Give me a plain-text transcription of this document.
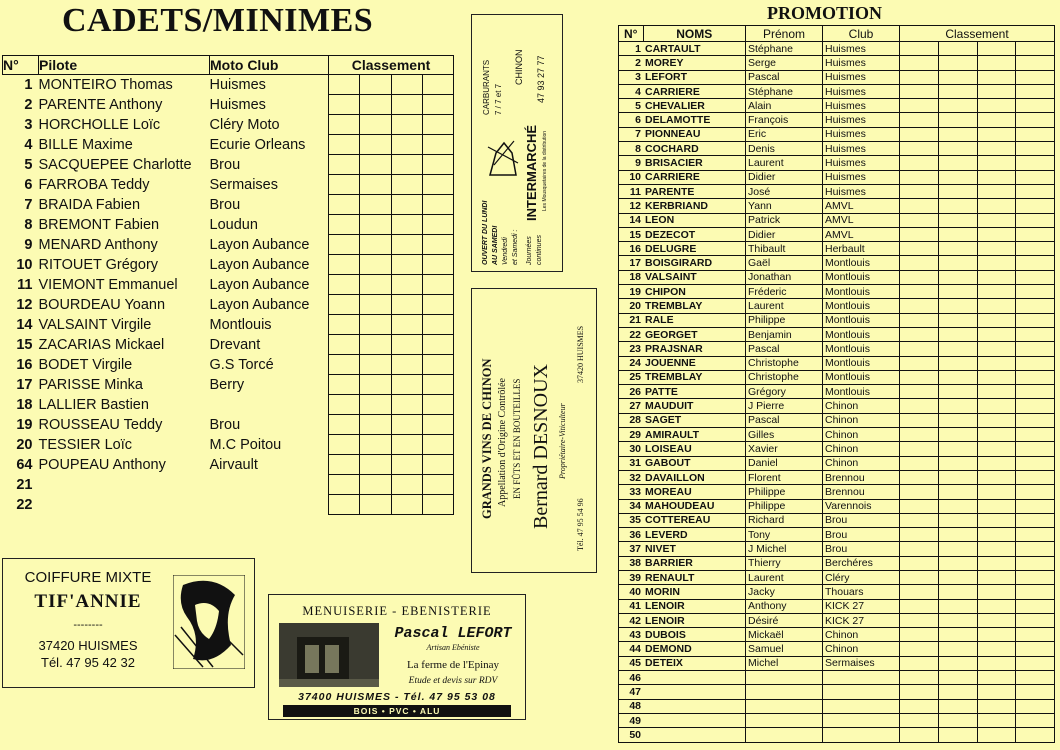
CADETS/MINIMES
N°	Pilote	Moto Club	Classement			
1	MONTEIRO Thomas	Huismes				
2	PARENTE Anthony	Huismes				
3	HORCHOLLE Loïc	Cléry Moto				
4	BILLE Maxime	Ecurie Orleans				
5	SACQUEPEE Charlotte	Brou				
6	FARROBA Teddy	Sermaises				
7	BRAIDA Fabien	Brou				
8	BREMONT Fabien	Loudun				
9	MENARD Anthony	Layon Aubance				
10	RITOUET Grégory	Layon Aubance				
11	VIEMONT Emmanuel	Layon Aubance				
12	BOURDEAU Yoann	Layon Aubance				
14	VALSAINT Virgile	Montlouis				
15	ZACARIAS Mickael	Drevant				
16	BODET Virgile	G.S Torcé				
17	PARISSE Minka	Berry				
18	LALLIER Bastien					
19	ROUSSEAU Teddy	Brou				
20	TESSIER Loïc	M.C Poitou				
64	POUPEAU Anthony	Airvault				
21						
22						
PROMOTION
N°	NOMS	Prénom	Club	Classement			
1	CARTAULT	Stéphane	Huismes				
2	MOREY	Serge	Huismes				
3	LEFORT	Pascal	Huismes				
4	CARRIERE	Stéphane	Huismes				
5	CHEVALIER	Alain	Huismes				
6	DELAMOTTE	François	Huismes				
7	PIONNEAU	Eric	Huismes				
8	COCHARD	Denis	Huismes				
9	BRISACIER	Laurent	Huismes				
10	CARRIERE	Didier	Huismes				
11	PARENTE	José	Huismes				
12	KERBRIAND	Yann	AMVL				
14	LEON	Patrick	AMVL				
15	DEZECOT	Didier	AMVL				
16	DELUGRE	Thibault	Herbault				
17	BOISGIRARD	Gaël	Montlouis				
18	VALSAINT	Jonathan	Montlouis				
19	CHIPON	Fréderic	Montlouis				
20	TREMBLAY	Laurent	Montlouis				
21	RALE	Philippe	Montlouis				
22	GEORGET	Benjamin	Montlouis				
23	PRAJSNAR	Pascal	Montlouis				
24	JOUENNE	Christophe	Montlouis				
25	TREMBLAY	Christophe	Montlouis				
26	PATTE	Grégory	Montlouis				
27	MAUDUIT	J Pierre	Chinon				
28	SAGET	Pascal	Chinon				
29	AMIRAULT	Gilles	Chinon				
30	LOISEAU	Xavier	Chinon				
31	GABOUT	Daniel	Chinon				
32	DAVAILLON	Florent	Brennou				
33	MOREAU	Philippe	Brennou				
34	MAHOUDEAU	Philippe	Varennois				
35	COTTEREAU	Richard	Brou				
36	LEVERD	Tony	Brou				
37	NIVET	J Michel	Brou				
38	BARRIER	Thierry	Berchéres				
39	RENAULT	Laurent	Cléry				
40	MORIN	Jacky	Thouars				
41	LENOIR	Anthony	KICK 27				
42	LENOIR	Désiré	KICK 27				
43	DUBOIS	Mickaël	Chinon				
44	DEMOND	Samuel	Chinon				
45	DETEIX	Michel	Sermaises				
46							
47							
48							
49							
50							
CARBURANTS 7 / 7 et 7
CHINON 47 93 27 77
INTERMARCHÉ Les Mousquetaires de la distribution
OUVERT DU LUNDI AU SAMEDI Vendredi et Samedi : Journées continues
GRANDS VINS DE CHINON Appellation d'Origine Contrôlée EN FÛTS ET EN BOUTEILLES Bernard DESNOUX Propriétaire-Viticulteur
Tél. 47 95 54 96
37420 HUISMES
COIFFURE MIXTE
TIF'ANNIE
--------
37420 HUISMES
Tél. 47 95 42 32
MENUISERIE - EBENISTERIE
Pascal LEFORT
Artisan Ebéniste
La ferme de l'Epinay
Etude et devis sur RDV
37400 HUISMES - Tél. 47 95 53 08
BOIS • PVC • ALU
